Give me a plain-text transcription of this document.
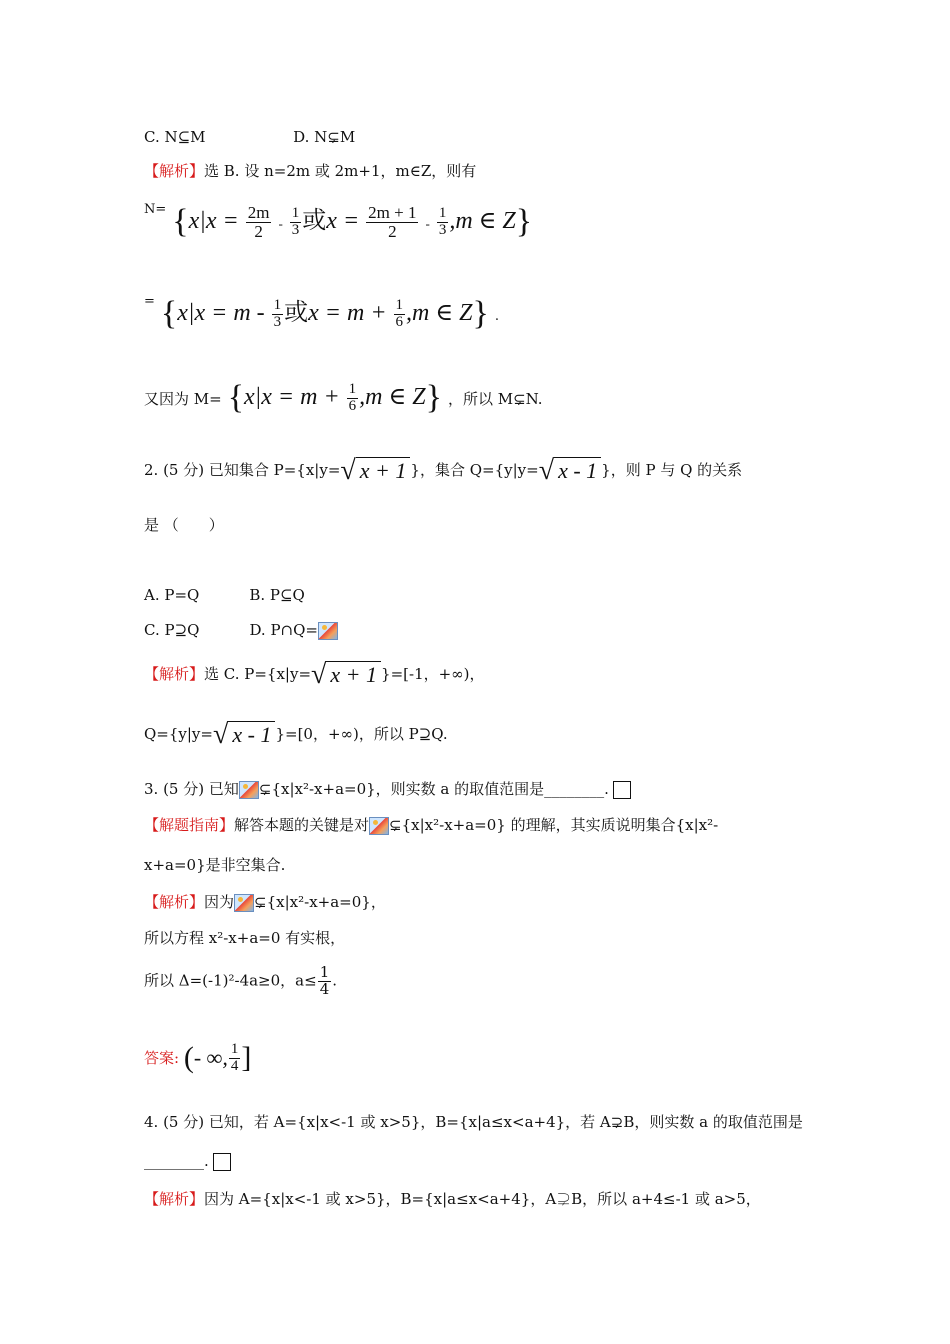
C. N⊆M	D. N⊊M
【解析】选 B. 设 n=2m 或 2m+1，m∈Z，则有
$N= \{x|x = \frac{2m}{2} - \frac{1}{3}$ 或$x = \frac{2m + 1}{2} - \frac{1}{3} ,m$ ∈ Z}
= {$x|x = m - \frac{1}{3}$ 或$x = m + \frac{1}{6} ,m$ ∈ Z} .
又因为 $M= \{x|x = m + \frac{1}{6} ,m$ ∈ Z} ，所以 M⊊N.
2. (5 分) 已知集合 P={x|y=√ x + 1 }，集合 Q={y|y=√ x - 1 }，则 P 与 Q 的关系
是 （　　）
A. P=Q	B. P⊆Q
C. P⊇Q	D. P∩Q=
【解析】选 C. P={x|y=√ x + 1 }=[-1，+∞)，
Q={y|y=√ x - 1 }=[0，+∞)，所以 P⊇Q.
3. (5 分) 已知 ⊊{x|x²-x+a=0}，则实数 a 的取值范围是________.
【解题指南】解答本题的关键是对 ⊊{x|x²-x+a=0} 的理解，其实质说明集合{x|x²-
x+a=0}是非空集合.
【解析】因为 ⊊{x|x²-x+a=0}，
所以方程 x²-x+a=0 有实根，
所以 Δ=(-1)²-4a≥0，$a\le \frac{1}{4}$ .
答案: (- ∞, $\frac{1}{4}$ ]
4. (5 分) 已知，若 A={x|x<-1 或 x>5}，B={x|a≤x<a+4}，若 A⊋B，则实数 a 的取值范围是
________.
【解析】因为 A={x|x<-1 或 x>5}，B={x|a≤x<a+4}，A⊋B，所以 a+4≤-1 或 a>5，
